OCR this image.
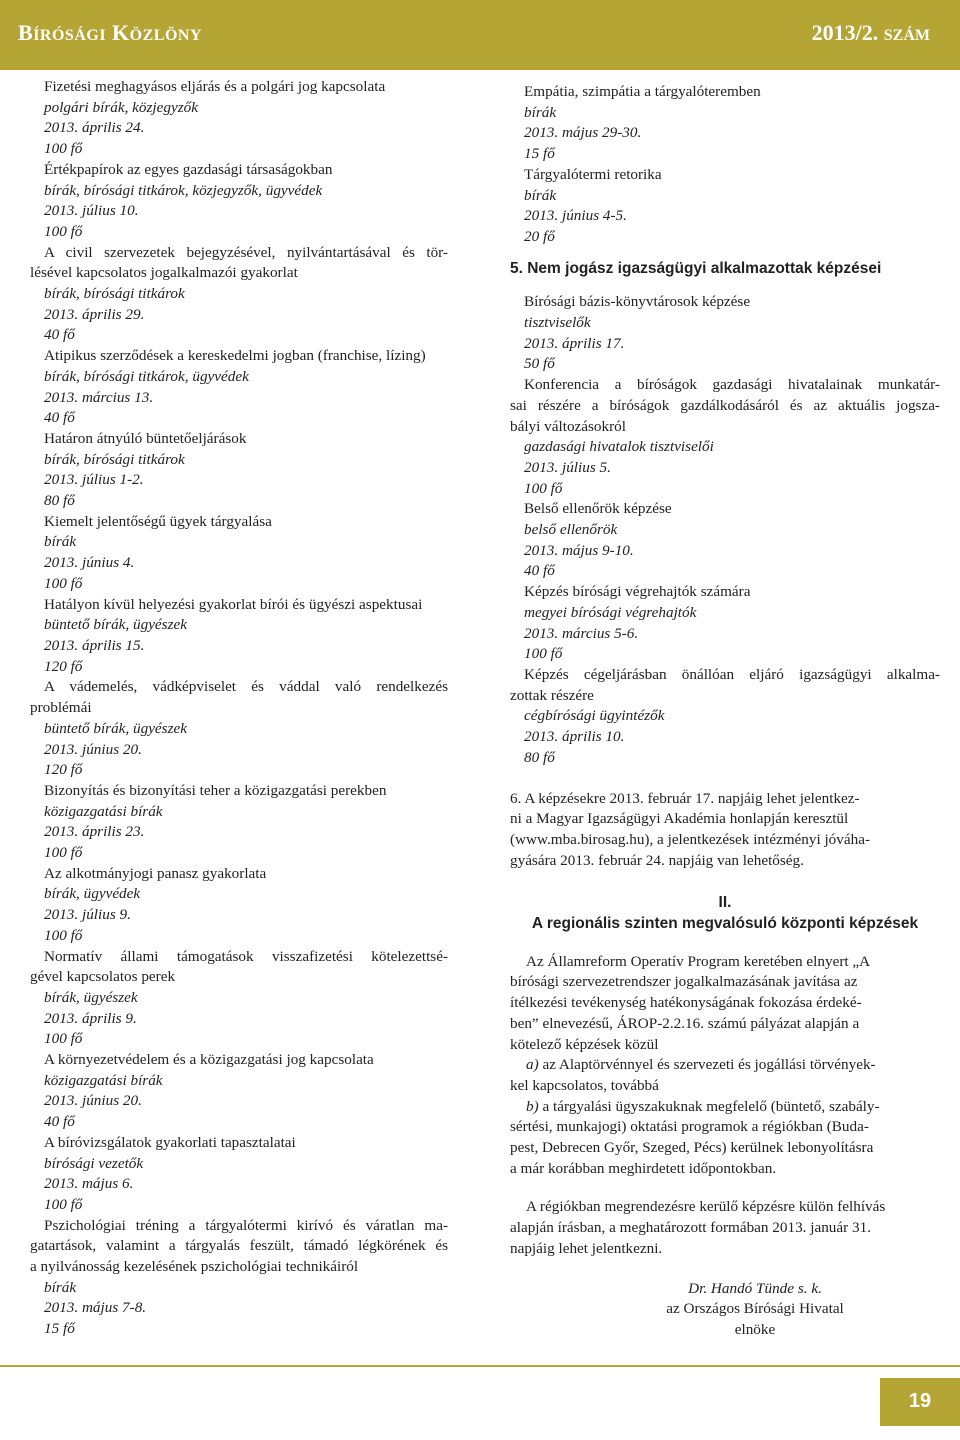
BÍRÓSÁGI KÖZLÖNY	2013/2. SZÁM
Fizetési meghagyásos eljárás és a polgári jog kapcsolata
polgári bírák, közjegyzők
2013. április 24.
100 fő
Értékpapírok az egyes gazdasági társaságokban
bírák, bírósági titkárok, közjegyzők, ügyvédek
2013. július 10.
100 fő
A civil szervezetek bejegyzésével, nyilvántartásával és tör-
lésével kapcsolatos jogalkalmazói gyakorlat
bírák, bírósági titkárok
2013. április 29.
40 fő
Atipikus szerződések a kereskedelmi jogban (franchise, lízing)
bírák, bírósági titkárok, ügyvédek
2013. március 13.
40 fő
Határon átnyúló büntetőeljárások
bírák, bírósági titkárok
2013. július 1-2.
80 fő
Kiemelt jelentőségű ügyek tárgyalása
bírák
2013. június 4.
100 fő
Hatályon kívül helyezési gyakorlat bírói és ügyészi aspektusai
büntető bírák, ügyészek
2013. április 15.
120 fő
A vádemelés, vádképviselet és váddal való rendelkezés
problémái
büntető bírák, ügyészek
2013. június 20.
120 fő
Bizonyítás és bizonyítási teher a közigazgatási perekben
közigazgatási bírák
2013. április 23.
100 fő
Az alkotmányjogi panasz gyakorlata
bírák, ügyvédek
2013. július 9.
100 fő
Normatív állami támogatások visszafizetési kötelezettsé-
gével kapcsolatos perek
bírák, ügyészek
2013. április 9.
100 fő
A környezetvédelem és a közigazgatási jog kapcsolata
közigazgatási bírák
2013. június 20.
40 fő
A bíróvizsgálatok gyakorlati tapasztalatai
bírósági vezetők
2013. május 6.
100 fő
Pszichológiai tréning a tárgyalótermi kirívó és váratlan ma-
gatartások, valamint a tárgyalás feszült, támadó légkörének és
a nyilvánosság kezelésének pszichológiai technikáiról
bírák
2013. május 7-8.
15 fő
Empátia, szimpátia a tárgyalóteremben
bírák
2013. május 29-30.
15 fő
Tárgyalótermi retorika
bírák
2013. június 4-5.
20 fő
5. Nem jogász igazságügyi alkalmazottak képzései
Bírósági bázis-könyvtárosok képzése
tisztviselők
2013. április 17.
50 fő
Konferencia a bíróságok gazdasági hivatalainak munkatár-
sai részére a bíróságok gazdálkodásáról és az aktuális jogsza-
bályi változásokról
gazdasági hivatalok tisztviselői
2013. július 5.
100 fő
Belső ellenőrök képzése
belső ellenőrök
2013. május 9-10.
40 fő
Képzés bírósági végrehajtók számára
megyei bírósági végrehajtók
2013. március 5-6.
100 fő
Képzés cégeljárásban önállóan eljáró igazságügyi alkalma-
zottak részére
cégbírósági ügyintézők
2013. április 10.
80 fő
6. A képzésekre 2013. február 17. napjáig lehet jelentkez-
ni a Magyar Igazságügyi Akadémia honlapján keresztül
(www.mba.birosag.hu), a jelentkezések intézményi jóváha-
gyására 2013. február 24. napjáig van lehetőség.
II.
A regionális szinten megvalósuló központi képzések
Az Államreform Operatív Program keretében elnyert „A
bírósági szervezetrendszer jogalkalmazásának javítása az
ítélkezési tevékenység hatékonyságának fokozása érdeké-
ben” elnevezésű, ÁROP-2.2.16. számú pályázat alapján a
kötelező képzések közül
a) az Alaptörvénnyel és szervezeti és jogállási törvények-
kel kapcsolatos, továbbá
b) a tárgyalási ügyszakuknak megfelelő (büntető, szabály-
sértési, munkajogi) oktatási programok a régiókban (Buda-
pest, Debrecen Győr, Szeged, Pécs) kerülnek lebonyolításra
a már korábban meghirdetett időpontokban.
A régiókban megrendezésre kerülő képzésre külön felhívás
alapján írásban, a meghatározott formában 2013. január 31.
napjáig lehet jelentkezni.
Dr. Handó Tünde s. k.
az Országos Bírósági Hivatal
elnöke
19
